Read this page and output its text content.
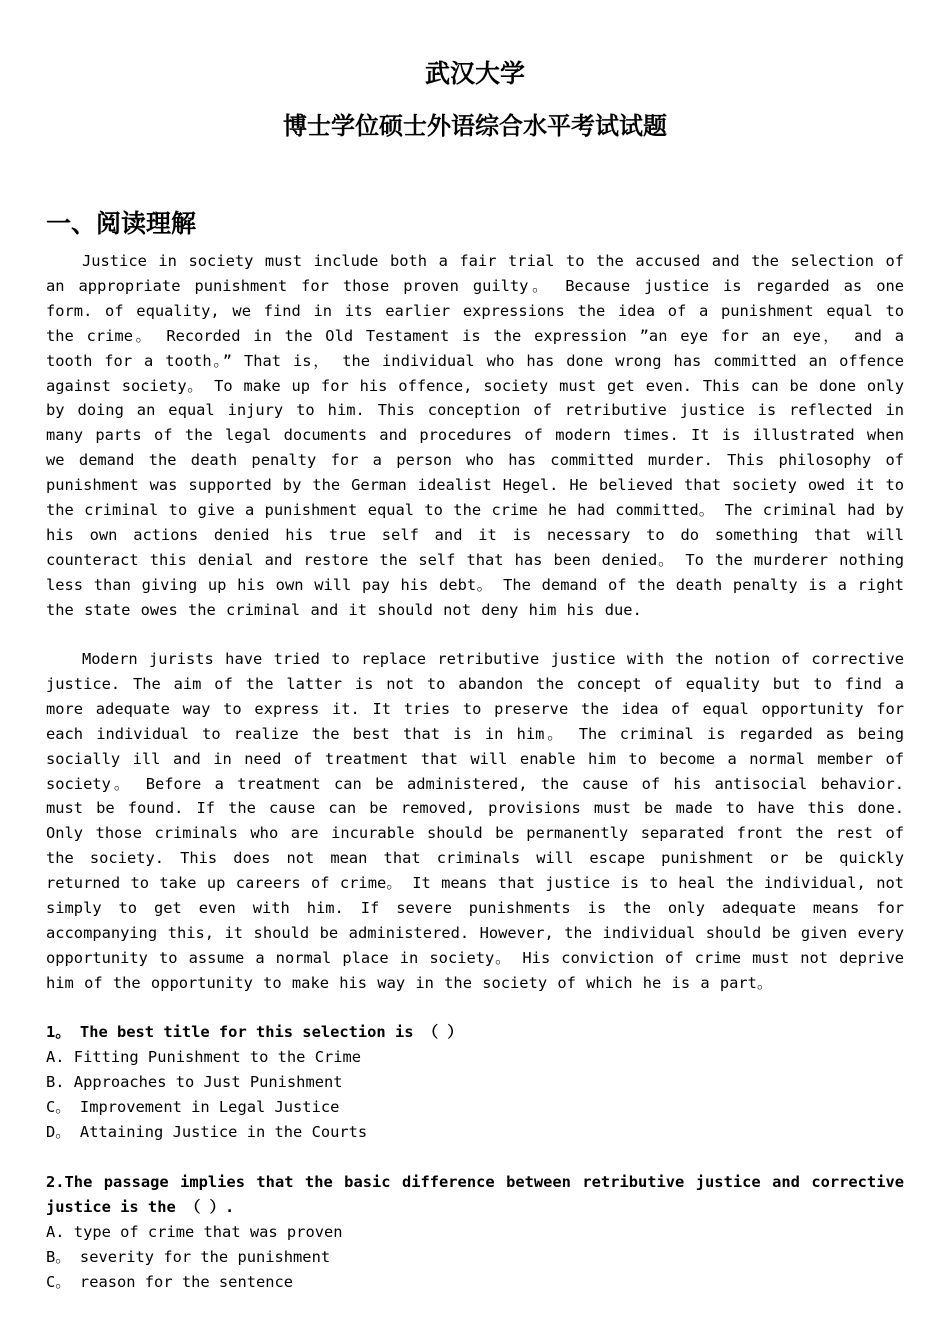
武汉大学
博士学位硕士外语综合水平考试试题
一、阅读理解

Justice in society must include both a fair trial to the accused and the selection of an appropriate punishment for those proven guilty。 Because justice is regarded as one form. of equality, we find in its earlier expressions the idea of a punishment equal to the crime。 Recorded in the Old Testament is the expression ”an eye for an eye， and a tooth for a tooth。” That is， the individual who has done wrong has committed an offence against society。 To make up for his offence, society must get even. This can be done only by doing an equal injury to him. This conception of retributive justice is reflected in many parts of the legal documents and procedures of modern times. It is illustrated when we demand the death penalty for a person who has committed murder. This philosophy of punishment was supported by the German idealist Hegel. He believed that society owed it to the criminal to give a punishment equal to the crime he had committed。 The criminal had by his own actions denied his true self and it is necessary to do something that will counteract this denial and restore the self that has been denied。 To the murderer nothing less than giving up his own will pay his debt。 The demand of the death penalty is a right the state owes the criminal and it should not deny him his due.

Modern jurists have tried to replace retributive justice with the notion of corrective justice. The aim of the latter is not to abandon the concept of equality but to find a more adequate way to express it. It tries to preserve the idea of equal opportunity for each individual to realize the best that is in him。 The criminal is regarded as being socially ill and in need of treatment that will enable him to become a normal member of society。 Before a treatment can be administered, the cause of his antisocial behavior. must be found. If the cause can be removed, provisions must be made to have this done. Only those criminals who are incurable should be permanently separated front the rest of the society. This does not mean that criminals will escape punishment or be quickly returned to take up careers of crime。 It means that justice is to heal the individual, not simply to get even with him. If severe punishments is the only adequate means for accompanying this, it should be administered. However, the individual should be given every opportunity to assume a normal place in society。 His conviction of crime must not deprive him of the opportunity to make his way in the society of which he is a part。

1。 The best title for this selection is （ ）

A. Fitting Punishment to the Crime

B. Approaches to Just Punishment

C。 Improvement in Legal Justice

D。 Attaining Justice in the Courts

2.The passage implies that the basic difference between retributive justice and corrective justice is the （ ）.

A. type of crime that was proven

B。 severity for the punishment

C。 reason for the sentence
